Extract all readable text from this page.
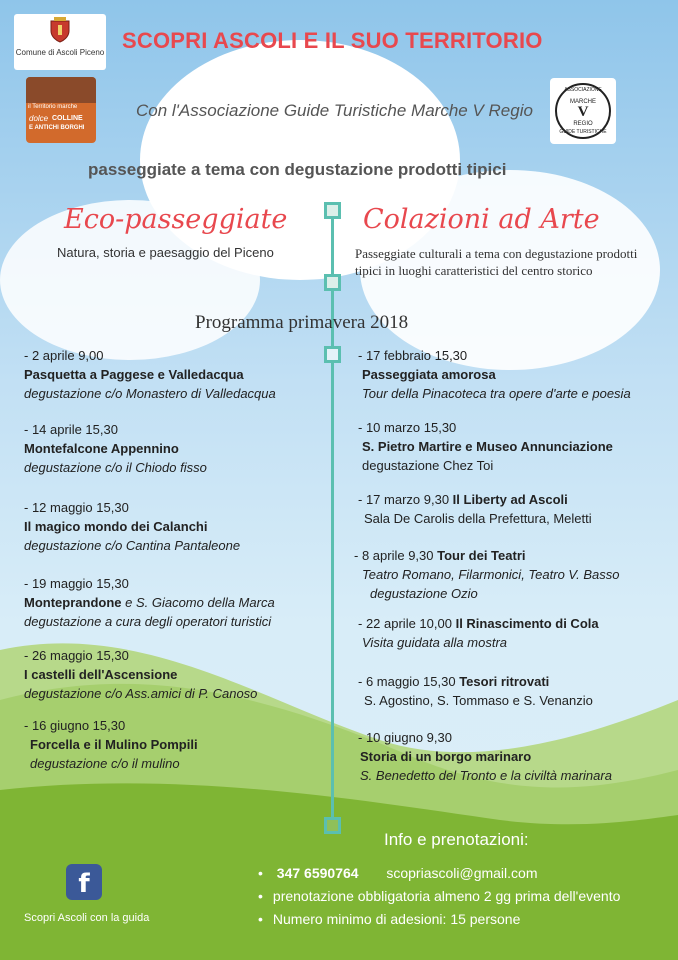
Comune di Ascoli Piceno
il Territorio marche
dolce COLLINE
E ANTICHI BORGHI
ASSOCIAZIONE
MARCHE
V
REGIO
GUIDE TURISTICHE
SCOPRI ASCOLI E IL SUO TERRITORIO
Con l'Associazione Guide Turistiche Marche V Regio
passeggiate a tema con degustazione prodotti tipici
Eco-passeggiate
Natura, storia e paesaggio del Piceno
Colazioni ad Arte
Passeggiate culturali a tema con degustazione prodotti tipici in luoghi caratteristici del centro storico
Programma primavera 2018
- 2 aprile 9,00
Pasquetta a Paggese e Valledacqua
degustazione c/o Monastero di Valledacqua
- 14 aprile 15,30
Montefalcone Appennino
degustazione c/o il Chiodo fisso
- 12 maggio 15,30
Il magico mondo dei Calanchi
degustazione c/o Cantina Pantaleone
- 19 maggio 15,30
Monteprandone e S. Giacomo della Marca
degustazione a cura degli operatori turistici
- 26 maggio 15,30
I castelli dell'Ascensione
degustazione c/o Ass.amici di P. Canoso
- 16 giugno 15,30
Forcella e il Mulino Pompili
degustazione c/o il mulino
- 17 febbraio 15,30
Passeggiata amorosa
Tour della Pinacoteca tra opere d'arte e poesia
- 10 marzo 15,30
S. Pietro Martire e Museo Annunciazione
degustazione Chez Toi
- 17 marzo 9,30 Il Liberty ad Ascoli
Sala De Carolis della Prefettura, Meletti
- 8 aprile 9,30 Tour dei Teatri
Teatro Romano, Filarmonici, Teatro V. Basso
degustazione Ozio
- 22 aprile 10,00 Il Rinascimento di Cola
Visita guidata alla mostra
- 6 maggio 15,30 Tesori ritrovati
S. Agostino, S. Tommaso e S. Venanzio
- 10 giugno 9,30
Storia di un borgo marinaro
S. Benedetto del Tronto e la civiltà marinara
Info e prenotazioni:
• 347 6590764 scopriascoli@gmail.com
• prenotazione obbligatoria almeno 2 gg prima dell'evento
• Numero minimo di adesioni: 15 persone
f
Scopri Ascoli con la guida
